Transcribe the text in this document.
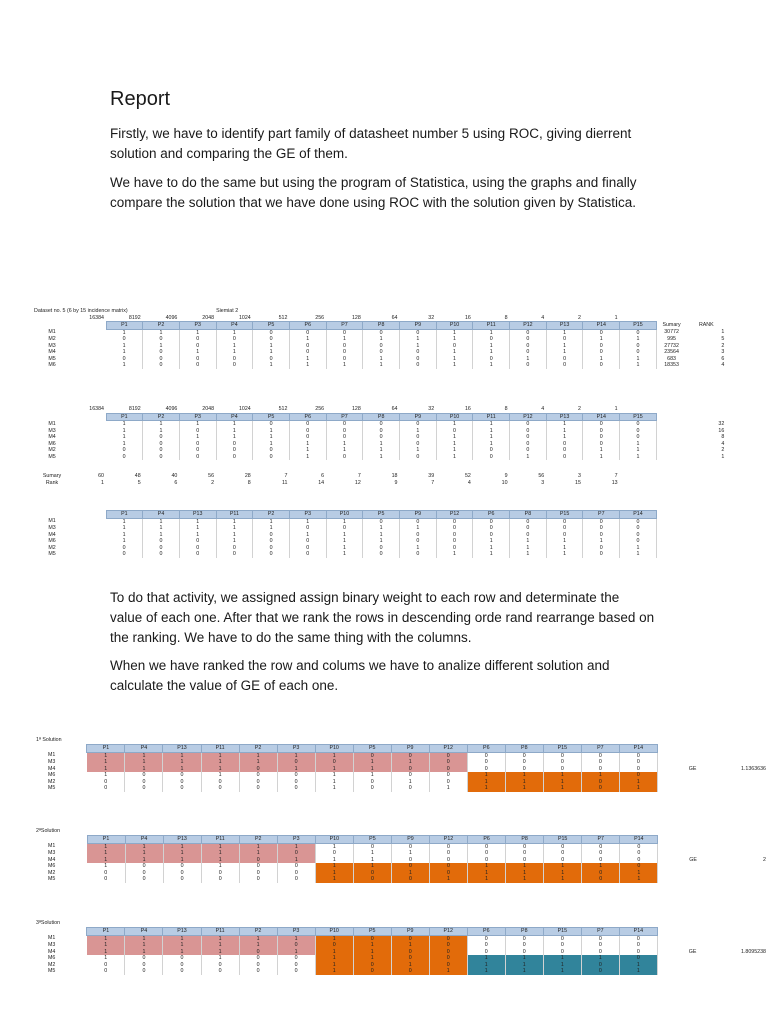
Report

Firstly, we have to identify part family of datasheet number 5 using ROC, giving dierrent solution and comparing the GE of them.

We have to do the same but using the program of Statistica, using the graphs and finally compare the solution that we have done using ROC with the solution given by Statistica.

Dataset no. 5 (6 by 15 incidence matrix)					Siemiat 2														
	16384	8192	4096	2048	1024	512	256	128	64	32	16	8	4	2	1				
		P1	P2	P3	P4	P5	P6	P7	P8	P9	P10	P11	P12	P13	P14	P15	Sumary	RANK	
M1		1	1	1	1	0	0	0	0	0	1	1	0	1	0	0	30772	1	
M2		0	0	0	0	0	1	1	1	1	1	0	0	0	1	1	995	5	
M3		1	1	0	1	1	0	0	0	1	0	1	0	1	0	0	27732	2	
M4		1	0	1	1	1	0	0	0	0	1	1	0	1	0	0	23564	3	
M5		0	0	0	0	0	1	0	1	0	1	0	1	0	1	1	683	6	
M6		1	0	0	0	1	1	1	1	0	1	1	0	0	0	1	18353	4	
	16384	8192	4096	2048	1024	512	256	128	64	32	16	8	4	2	1			
		P1	P2	P3	P4	P5	P6	P7	P8	P9	P10	P11	P12	P13	P14	P15		
M1		1	1	1	1	0	0	0	0	0	1	1	0	1	0	0		32
M3		1	1	0	1	1	0	0	0	1	0	1	0	1	0	0		16
M4		1	0	1	1	1	0	0	0	0	1	1	0	1	0	0		8
M6		1	0	0	0	1	1	1	1	0	1	1	0	0	0	1		4
M2		0	0	0	0	0	1	1	1	1	1	0	0	0	1	1		2
M5		0	0	0	0	0	1	0	1	0	1	0	1	0	1	1		1

Sumary	60	48	40	56	28	7	6	7	18	39	52	9	56	3	7			
Rank	1	5	6	2	8	11	14	12	9	7	4	10	3	15	13			
		P1	P4	P13	P11	P2	P3	P10	P5	P9	P12	P6	P8	P15	P7	P14
M1		1	1	1	1	1	1	1	0	0	0	0	0	0	0	0
M3		1	1	1	1	1	0	0	1	1	0	0	0	0	0	0
M4		1	1	1	1	0	1	1	1	0	0	0	0	0	0	0
M6		1	0	0	1	0	0	1	1	0	0	1	1	1	1	0
M2		0	0	0	0	0	0	1	0	1	0	1	1	1	0	1
M5		0	0	0	0	0	0	1	0	0	1	1	1	1	0	1

To do that activity, we assigned assign binary weight to each row and determinate the value of each one. After that we rank the rows in descending orde rand rearrange based on the ranking. We have to do the same thing with the columns.

When we have ranked the row and colums we have to analize different solution and calculate the value of GE of each one.

1ª Solution
		P1	P4	P13	P11	P2	P3	P10	P5	P9	P12	P6	P8	P15	P7	P14			
M1		1	1	1	1	1	1	1	0	0	0	0	0	0	0	0			
M3		1	1	1	1	1	0	0	1	1	0	0	0	0	0	0			
M4		1	1	1	1	0	1	1	1	0	0	0	0	0	0	0		GE	1.1363636
M6		1	0	0	1	0	0	1	1	0	0	1	1	1	1	0			
M2		0	0	0	0	0	0	1	0	1	0	1	1	1	0	1			
M5		0	0	0	0	0	0	1	0	0	1	1	1	1	0	1			
2ªSolution
		P1	P4	P13	P11	P2	P3	P10	P5	P9	P12	P6	P8	P15	P7	P14			
M1		1	1	1	1	1	1	1	0	0	0	0	0	0	0	0			
M3		1	1	1	1	1	0	0	1	1	0	0	0	0	0	0			
M4		1	1	1	1	0	1	1	1	0	0	0	0	0	0	0		GE	2
M6		1	0	0	1	0	0	1	1	0	0	1	1	1	1	0			
M2		0	0	0	0	0	0	1	0	1	0	1	1	1	0	1			
M5		0	0	0	0	0	0	1	0	0	1	1	1	1	0	1			
3ªSolution
		P1	P4	P13	P11	P2	P3	P10	P5	P9	P12	P6	P8	P15	P7	P14			
M1		1	1	1	1	1	1	1	0	0	0	0	0	0	0	0			
M3		1	1	1	1	1	0	0	1	1	0	0	0	0	0	0			
M4		1	1	1	1	0	1	1	1	0	0	0	0	0	0	0		GE	1.8095238
M6		1	0	0	1	0	0	1	1	0	0	1	1	1	1	0			
M2		0	0	0	0	0	0	1	0	1	0	1	1	1	0	1			
M5		0	0	0	0	0	0	1	0	0	1	1	1	1	0	1			
